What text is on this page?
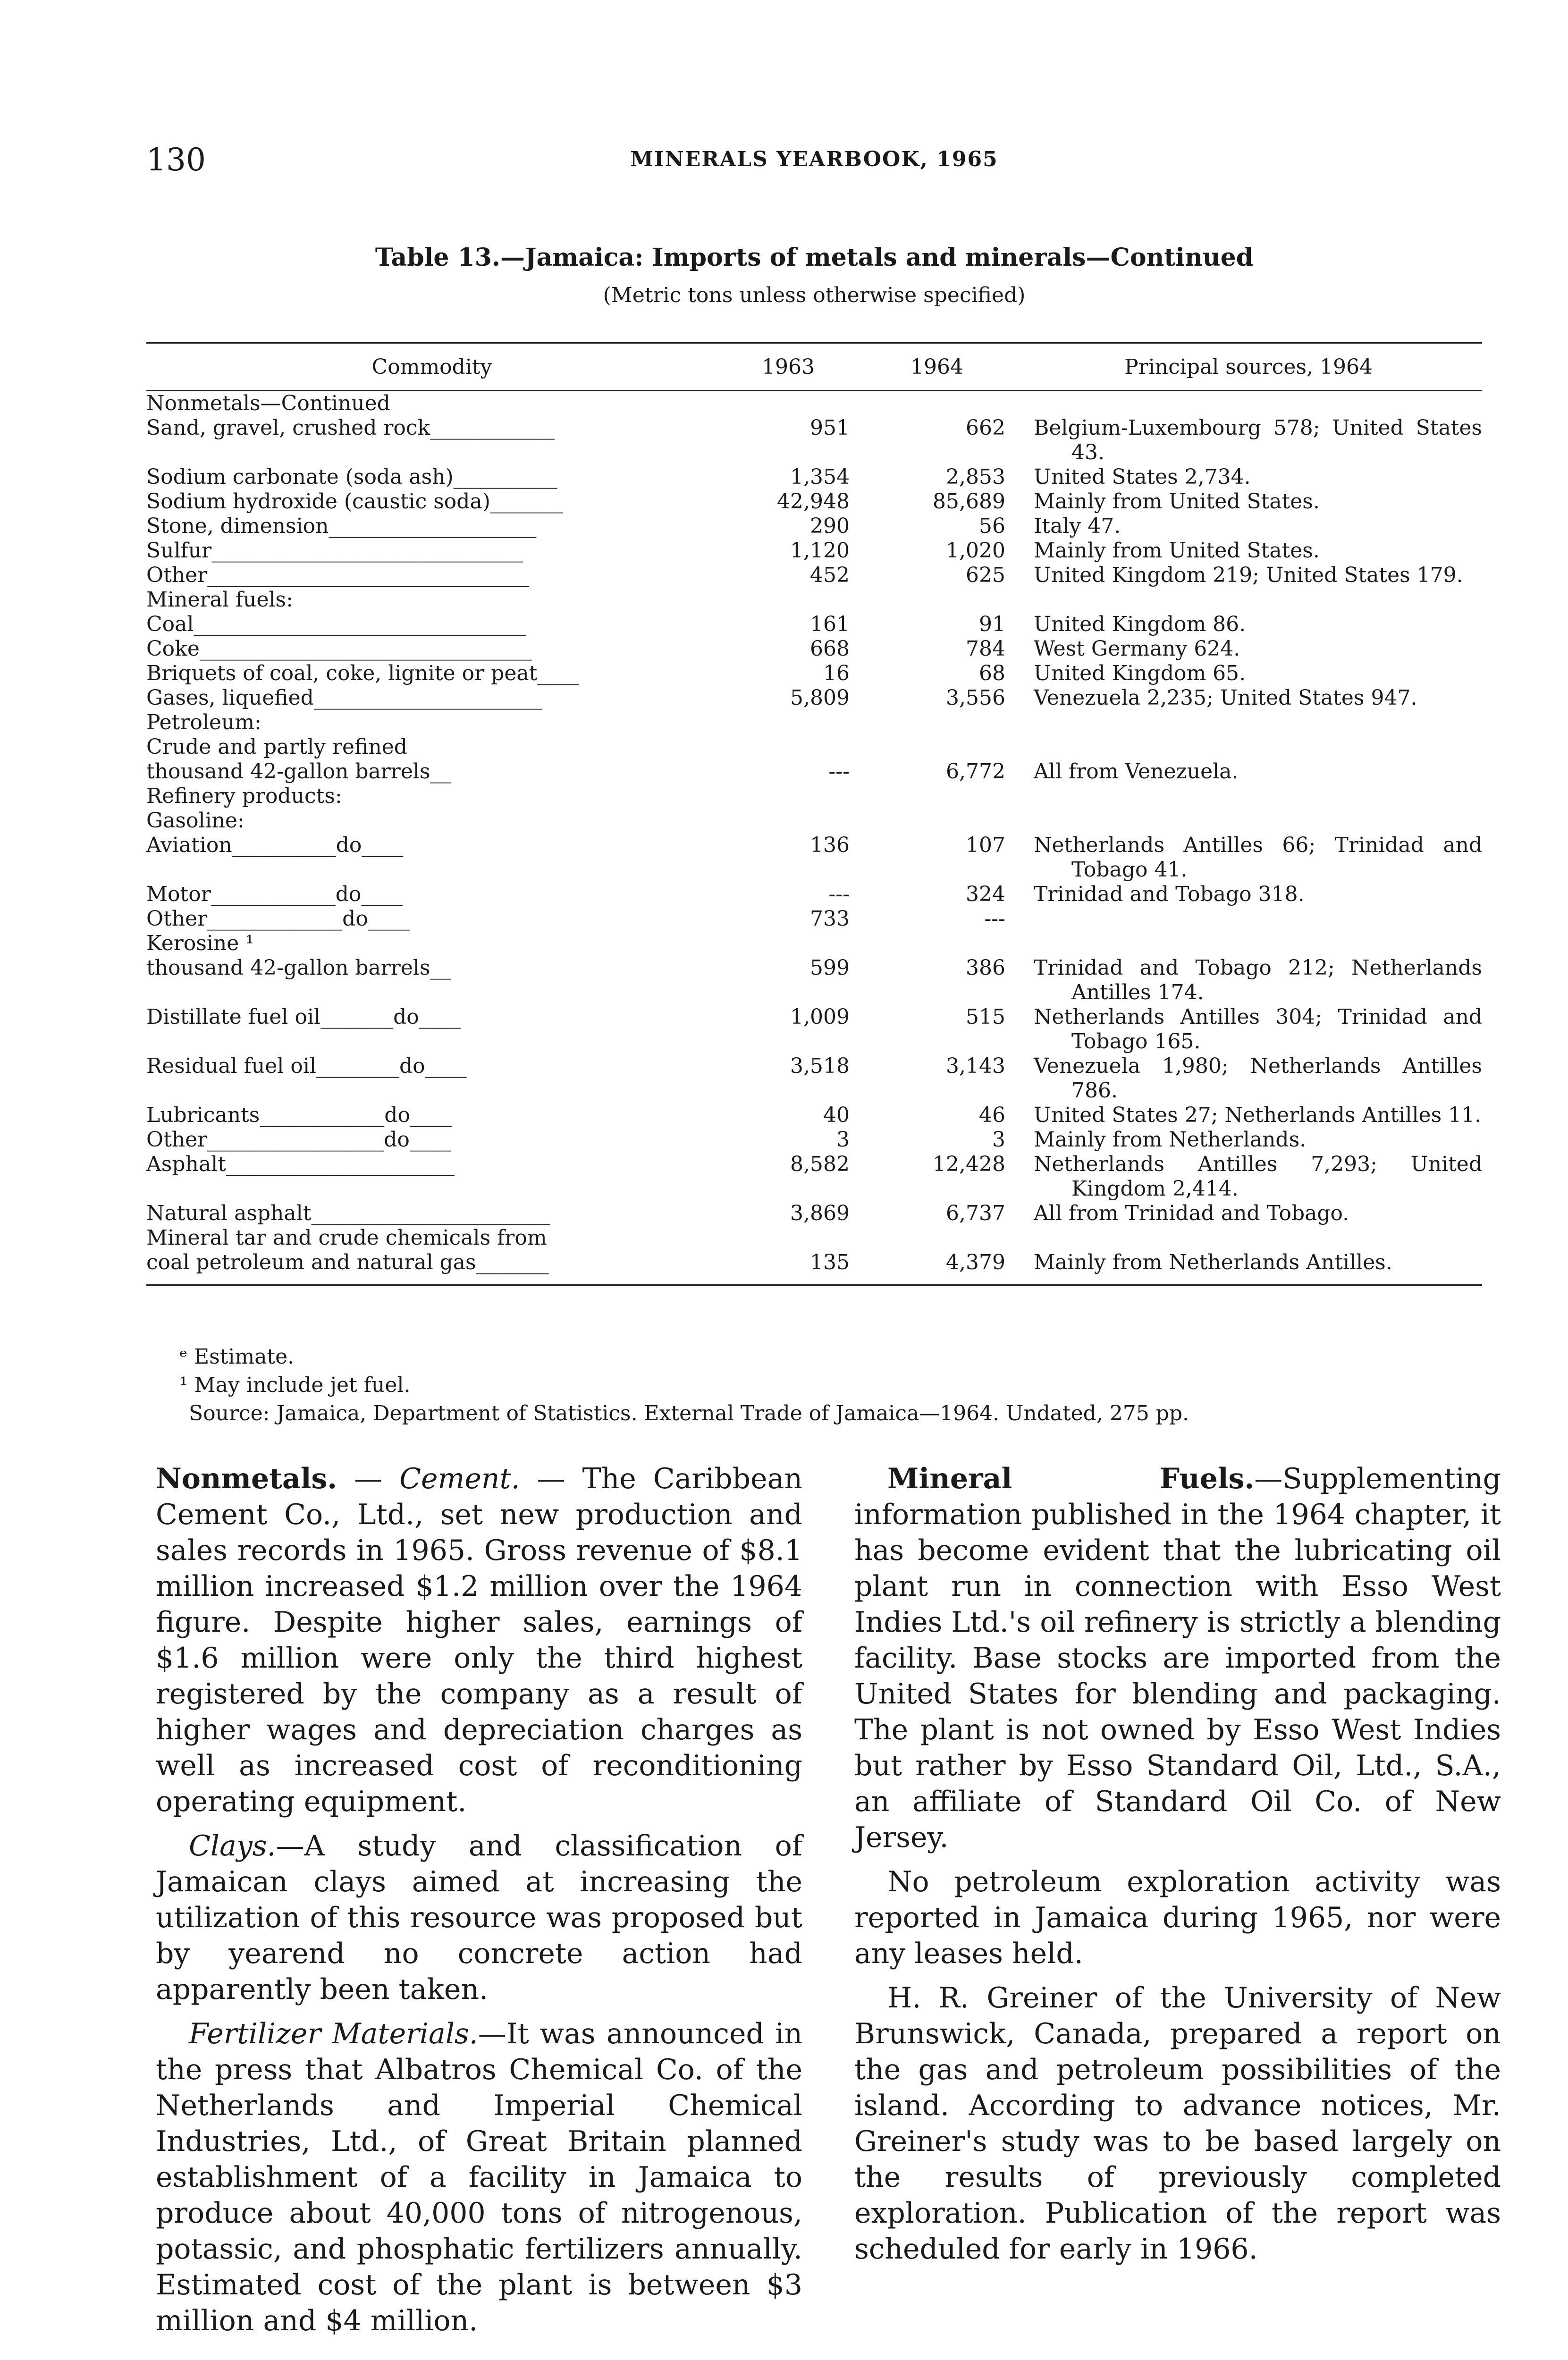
130	MINERALS YEARBOOK, 1965
Table 13.—Jamaica: Imports of metals and minerals—Continued
(Metric tons unless otherwise specified)
Commodity	1963	1964	Principal sources, 1964
Nonmetals—Continued			

Sand, gravel, crushed rock____________	951	662	Belgium-Luxembourg 578; United States 43.

Sodium carbonate (soda ash)__________	1,354	2,853	United States 2,734.

Sodium hydroxide (caustic soda)_______	42,948	85,689	Mainly from United States.

Stone, dimension____________________	290	56	Italy 47.

Sulfur______________________________	1,120	1,020	Mainly from United States.

Other_______________________________	452	625	United Kingdom 219; United States 179.

Mineral fuels:			

Coal________________________________	161	91	United Kingdom 86.

Coke________________________________	668	784	West Germany 624.

Briquets of coal, coke, lignite or peat____	16	68	United Kingdom 65.

Gases, liquefied______________________	5,809	3,556	Venezuela 2,235; United States 947.

Petroleum:			

Crude and partly refined			

thousand 42-gallon barrels__	---	6,772	All from Venezuela.

Refinery products:			

Gasoline:			

Aviation__________do____	136	107	Netherlands Antilles 66; Trinidad and Tobago 41.

Motor____________do____	---	324	Trinidad and Tobago 318.

Other_____________do____	733	---	

Kerosine ¹			

thousand 42-gallon barrels__	599	386	Trinidad and Tobago 212; Netherlands Antilles 174.

Distillate fuel oil_______do____	1,009	515	Netherlands Antilles 304; Trinidad and Tobago 165.

Residual fuel oil________do____	3,518	3,143	Venezuela 1,980; Netherlands Antilles 786.

Lubricants____________do____	40	46	United States 27; Netherlands Antilles 11.

Other_________________do____	3	3	Mainly from Netherlands.

Asphalt______________________	8,582	12,428	Netherlands Antilles 7,293; United Kingdom 2,414.

Natural asphalt_______________________	3,869	6,737	All from Trinidad and Tobago.

Mineral tar and crude chemicals from			

coal petroleum and natural gas_______	135	4,379	Mainly from Netherlands Antilles.

ᵉ Estimate.
¹ May include jet fuel.
Source: Jamaica, Department of Statistics. External Trade of Jamaica—1964. Undated, 275 pp.

Nonmetals. — Cement. — The Caribbean Cement Co., Ltd., set new production and sales records in 1965. Gross revenue of $8.1 million increased $1.2 million over the 1964 figure. Despite higher sales, earnings of $1.6 million were only the third highest registered by the company as a result of higher wages and depreciation charges as well as increased cost of reconditioning operating equipment.

Clays.—A study and classification of Jamaican clays aimed at increasing the utilization of this resource was proposed but by yearend no concrete action had apparently been taken.

Fertilizer Materials.—It was announced in the press that Albatros Chemical Co. of the Netherlands and Imperial Chemical Industries, Ltd., of Great Britain planned establishment of a facility in Jamaica to produce about 40,000 tons of nitrogenous, potassic, and phosphatic fertilizers annually. Estimated cost of the plant is between $3 million and $4 million.

Mineral Fuels.—Supplementing information published in the 1964 chapter, it has become evident that the lubricating oil plant run in connection with Esso West Indies Ltd.'s oil refinery is strictly a blending facility. Base stocks are imported from the United States for blending and packaging. The plant is not owned by Esso West Indies but rather by Esso Standard Oil, Ltd., S.A., an affiliate of Standard Oil Co. of New Jersey.

No petroleum exploration activity was reported in Jamaica during 1965, nor were any leases held.

H. R. Greiner of the University of New Brunswick, Canada, prepared a report on the gas and petroleum possibilities of the island. According to advance notices, Mr. Greiner's study was to be based largely on the results of previously completed exploration. Publication of the report was scheduled for early in 1966.
